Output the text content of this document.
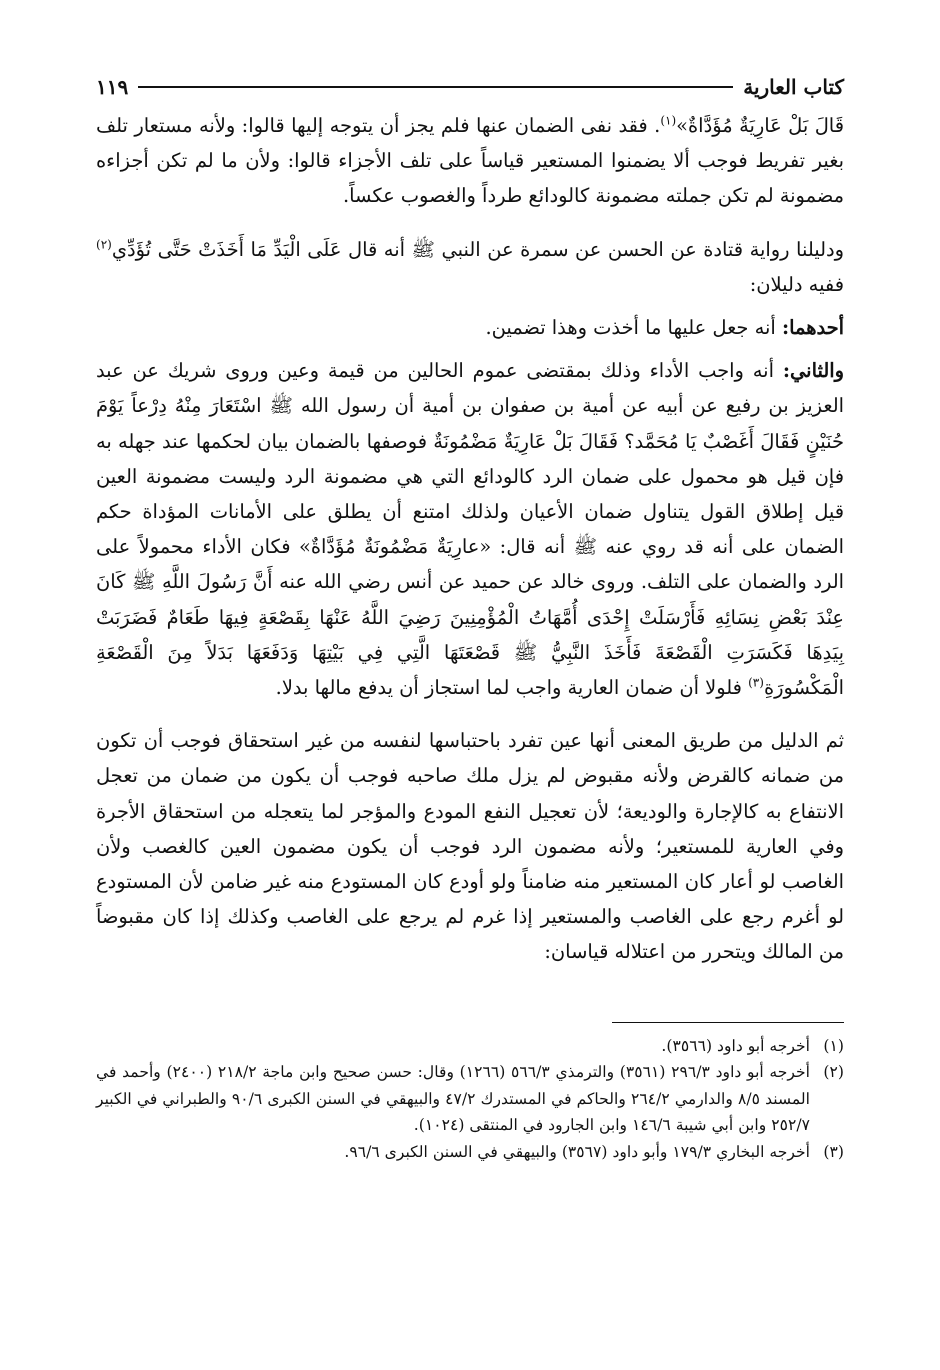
كتاب العارية
١١٩

قَالَ بَلْ عَارِيَةٌ مُؤَدَّاةٌ»$^{(١)}$. فقد نفى الضمان عنها فلم يجز أن يتوجه إليها قالوا: ولأنه مستعار تلف بغير تفريط فوجب ألا يضمنوا المستعير قياساً على تلف الأجزاء قالوا: ولأن ما لم تكن أجزاءه مضمونة لم تكن جملته مضمونة كالودائع طرداً والغصوب عكساً.

ودليلنا رواية قتادة عن الحسن عن سمرة عن النبي ﷺ أنه قال عَلَى الْيَدِّ مَا أَخَذَتْ حَتَّى تُؤَدِّي$^{(٢)}$ ففيه دليلان:

أحدهما: أنه جعل عليها ما أخذت وهذا تضمين.

والثاني: أنه واجب الأداء وذلك بمقتضى عموم الحالين من قيمة وعين وروى شريك عن عبد العزيز بن رفيع عن أبيه عن أمية بن صفوان بن أمية أن رسول الله ﷺ اسْتَعَارَ مِنْهُ دِرْعاً يَوْمَ حُنَيْنٍ فَقَالَ أَغَصْبٌ يَا مُحَمَّد؟ فَقَالَ بَلْ عَارِيَةٌ مَضْمُونَةٌ فوصفها بالضمان بيان لحكمها عند جهله به فإن قيل هو محمول على ضمان الرد كالودائع التي هي مضمونة الرد وليست مضمونة العين قيل إطلاق القول يتناول ضمان الأعيان ولذلك امتنع أن يطلق على الأمانات المؤداة حكم الضمان على أنه قد روي عنه ﷺ أنه قال: «عارِيَةٌ مَضْمُونَةٌ مُؤَدَّاةٌ» فكان الأداء محمولاً على الرد والضمان على التلف. وروى خالد عن حميد عن أنس رضي الله عنه أَنَّ رَسُولَ اللَّهِ ﷺ كَانَ عِنْدَ بَعْضِ نِسَائِهِ فَأَرْسَلَتْ إِحْدَى أُمَّهَاتُ الْمُؤْمِنِينَ رَضِيَ اللَّهُ عَنْهَا بِقَصْعَةٍ فِيهَا طَعَامٌ فَضَرَبَتْ بِيَدِهَا فَكَسَرَتِ الْقَصْعَةَ فَأَخَذَ النَّبِيُّ ﷺ قَصْعَتَهَا الَّتِي فِي بَيْتِهَا وَدَفَعَهَا بَدَلاً مِنَ الْقَصْعَةِ الْمَكْسُورَةِ$^{(٣)}$ فلولا أن ضمان العارية واجب لما استجاز أن يدفع مالها بدلا.

ثم الدليل من طريق المعنى أنها عين تفرد باحتباسها لنفسه من غير استحقاق فوجب أن تكون من ضمانه كالقرض ولأنه مقبوض لم يزل ملك صاحبه فوجب أن يكون من ضمان من تعجل الانتفاع به كالإجارة والوديعة؛ لأن تعجيل النفع المودع والمؤجر لما يتعجله من استحقاق الأجرة وفي العارية للمستعير؛ ولأنه مضمون الرد فوجب أن يكون مضمون العين كالغصب ولأن الغاصب لو أعار كان المستعير منه ضامناً ولو أودع كان المستودع منه غير ضامن لأن المستودع لو أغرم رجع على الغاصب والمستعير إذا غرم لم يرجع على الغاصب وكذلك إذا كان مقبوضاً من المالك ويتحرر من اعتلاله قياسان:

(١)
أخرجه أبو داود (٣٥٦٦).
(٢)
أخرجه أبو داود ٢٩٦/٣ (٣٥٦١) والترمذي ٥٦٦/٣ (١٢٦٦) وقال: حسن صحيح وابن ماجة ٢١٨/٢ (٢٤٠٠) وأحمد في المسند ٨/٥ والدارمي ٢٦٤/٢ والحاكم في المستدرك ٤٧/٢ والبيهقي في السنن الكبرى ٩٠/٦ والطبراني في الكبير ٢٥٢/٧ وابن أبي شيبة ١٤٦/٦ وابن الجارود في المنتقى (١٠٢٤).
(٣)
أخرجه البخاري ١٧٩/٣ وأبو داود (٣٥٦٧) والبيهقي في السنن الكبرى ٩٦/٦.
